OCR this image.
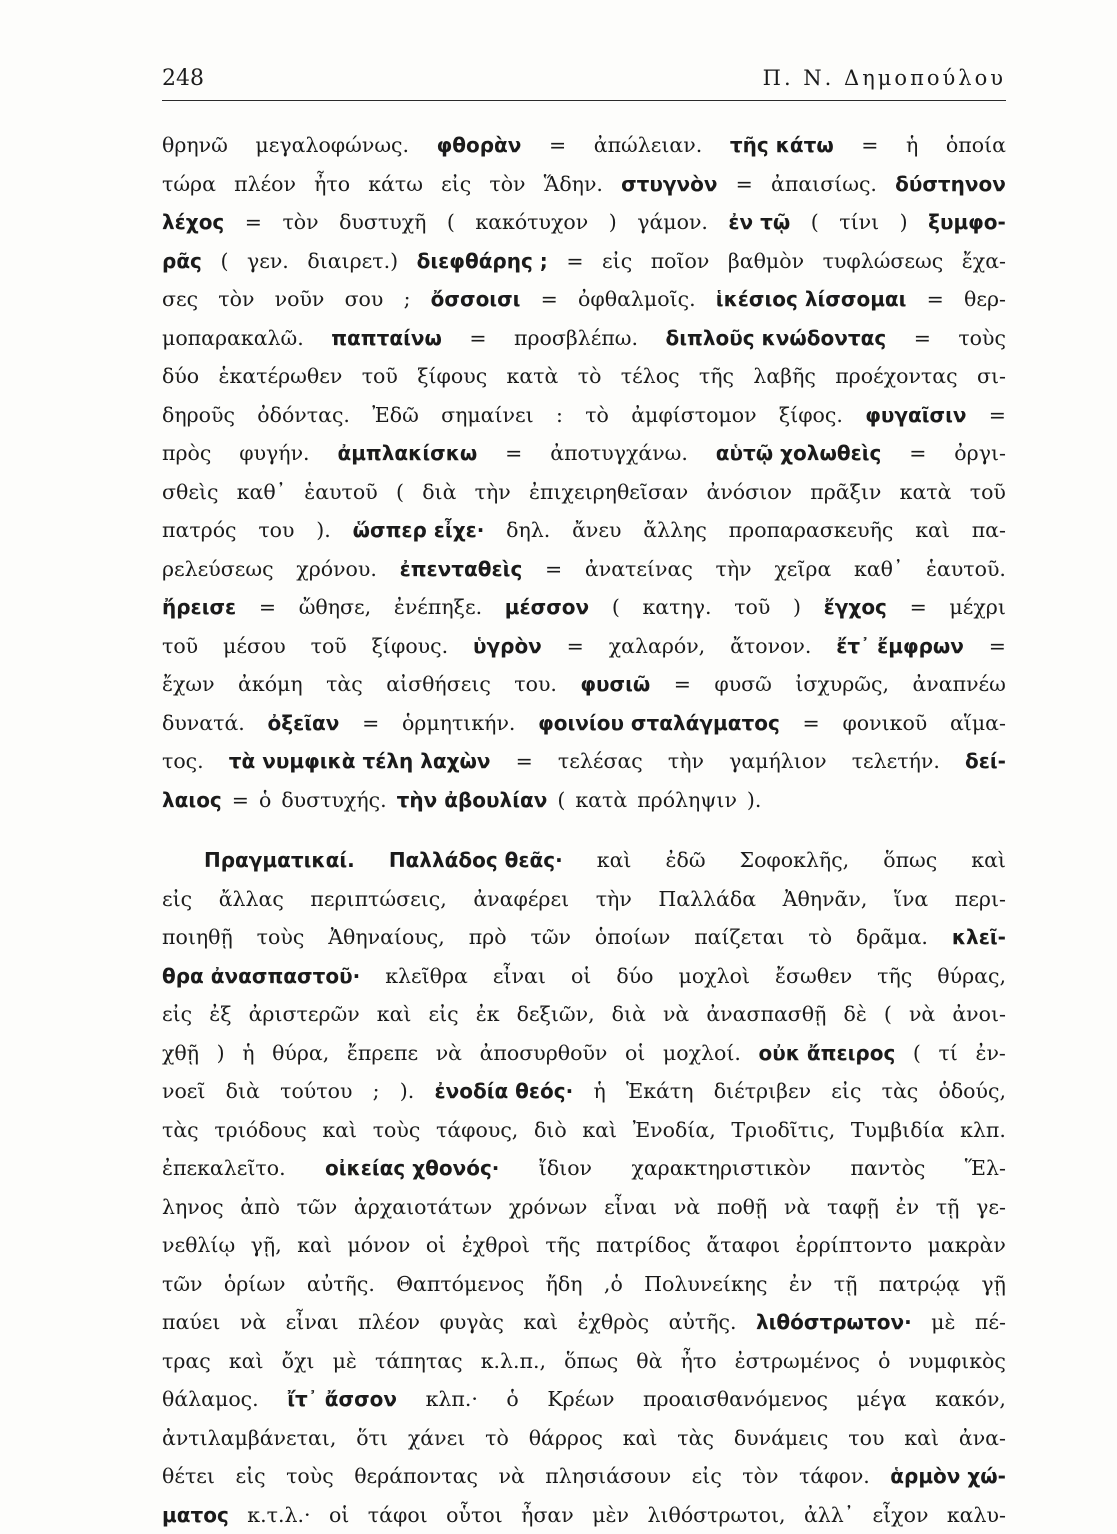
248	Π. Ν. Δημοπούλου
θρηνῶ μεγαλοφώνως. φθορὰν = ἀπώλειαν. τῆς κάτω = ἡ ὁποία
τώρα πλέον ἦτο κάτω εἰς τὸν Ἅδην. στυγνὸν = ἀπαισίως. δύστηνον
λέχος = τὸν δυστυχῆ ( κακότυχον ) γάμον. ἐν τῷ ( τίνι ) ξυμφο-
ρᾶς ( γεν. διαιρετ.) διεφθάρης ; = εἰς ποῖον βαθμὸν τυφλώσεως ἔχα-
σες τὸν νοῦν σου ; ὄσσοισι = ὀφθαλμοῖς. ἱκέσιος λίσσομαι = θερ-
μοπαρακαλῶ. παπταίνω = προσβλέπω. διπλοῦς κνώδοντας = τοὺς
δύο ἑκατέρωθεν τοῦ ξίφους κατὰ τὸ τέλος τῆς λαβῆς προέχοντας σι-
δηροῦς ὀδόντας. Ἐδῶ σημαίνει : τὸ ἀμφίστομον ξίφος. φυγαῖσιν =
πρὸς φυγήν. ἀμπλακίσκω = ἀποτυγχάνω. αὑτῷ χολωθεὶς = ὀργι-
σθεὶς καθ᾽ ἑαυτοῦ ( διὰ τὴν ἐπιχειρηθεῖσαν ἀνόσιον πρᾶξιν κατὰ τοῦ
πατρός του ). ὥσπερ εἶχε· δηλ. ἄνευ ἄλλης προπαρασκευῆς καὶ πα-
ρελεύσεως χρόνου. ἐπενταθεὶς = ἀνατείνας τὴν χεῖρα καθ᾽ ἑαυτοῦ.
ἤρεισε = ὤθησε, ἐνέπηξε. μέσσον ( κατηγ. τοῦ ) ἔγχος = μέχρι
τοῦ μέσου τοῦ ξίφους. ὑγρὸν = χαλαρόν, ἄτονον. ἔτ᾽ ἔμφρων =
ἔχων ἀκόμη τὰς αἰσθήσεις του. φυσιῶ = φυσῶ ἰσχυρῶς, ἀναπνέω
δυνατά. ὀξεῖαν = ὁρμητικήν. φοινίου σταλάγματος = φονικοῦ αἵμα-
τος. τὰ νυμφικὰ τέλη λαχὼν = τελέσας τὴν γαμήλιον τελετήν. δεί-
λαιος = ὁ δυστυχής. τὴν ἀβουλίαν ( κατὰ πρόληψιν ).
Πραγματικαί. Παλλάδος θεᾶς· καὶ ἐδῶ Σοφοκλῆς, ὅπως καὶ
εἰς ἄλλας περιπτώσεις, ἀναφέρει τὴν Παλλάδα Ἀθηνᾶν, ἵνα περι-
ποιηθῇ τοὺς Ἀθηναίους, πρὸ τῶν ὁποίων παίζεται τὸ δρᾶμα. κλεῖ-
θρα ἀνασπαστοῦ· κλεῖθρα εἶναι οἱ δύο μοχλοὶ ἔσωθεν τῆς θύρας,
εἰς ἐξ ἀριστερῶν καὶ εἰς ἐκ δεξιῶν, διὰ νὰ ἀνασπασθῇ δὲ ( νὰ ἀνοι-
χθῇ ) ἡ θύρα, ἔπρεπε νὰ ἀποσυρθοῦν οἱ μοχλοί. οὐκ ἄπειρος ( τί ἐν-
νοεῖ διὰ τούτου ; ). ἐνοδία θεός· ἡ Ἑκάτη διέτριβεν εἰς τὰς ὁδούς,
τὰς τριόδους καὶ τοὺς τάφους, διὸ καὶ Ἐνοδία, Τριοδῖτις, Τυμβιδία κλπ.
ἐπεκαλεῖτο. οἰκείας χθονός· ἴδιον χαρακτηριστικὸν παντὸς Ἕλ-
ληνος ἀπὸ τῶν ἀρχαιοτάτων χρόνων εἶναι νὰ ποθῇ νὰ ταφῇ ἐν τῇ γε-
νεθλίῳ γῇ, καὶ μόνον οἱ ἐχθροὶ τῆς πατρίδος ἄταφοι ἐρρίπτοντο μακρὰν
τῶν ὁρίων αὐτῆς. Θαπτόμενος ἤδη ,ὁ Πολυνείκης ἐν τῇ πατρῴᾳ γῇ
παύει νὰ εἶναι πλέον φυγὰς καὶ ἐχθρὸς αὐτῆς. λιθόστρωτον· μὲ πέ-
τρας καὶ ὄχι μὲ τάπητας κ.λ.π., ὅπως θὰ ἦτο ἐστρωμένος ὁ νυμφικὸς
θάλαμος. ἴτ᾽ ἄσσον κλπ.· ὁ Κρέων προαισθανόμενος μέγα κακόν,
ἀντιλαμβάνεται, ὅτι χάνει τὸ θάρρος καὶ τὰς δυνάμεις του καὶ ἀνα-
θέτει εἰς τοὺς θεράποντας νὰ πλησιάσουν εἰς τὸν τάφον. ἁρμὸν χώ-
ματος κ.τ.λ.· οἱ τάφοι οὗτοι ἦσαν μὲν λιθόστρωτοι, ἀλλ᾽ εἶχον καλυ-
